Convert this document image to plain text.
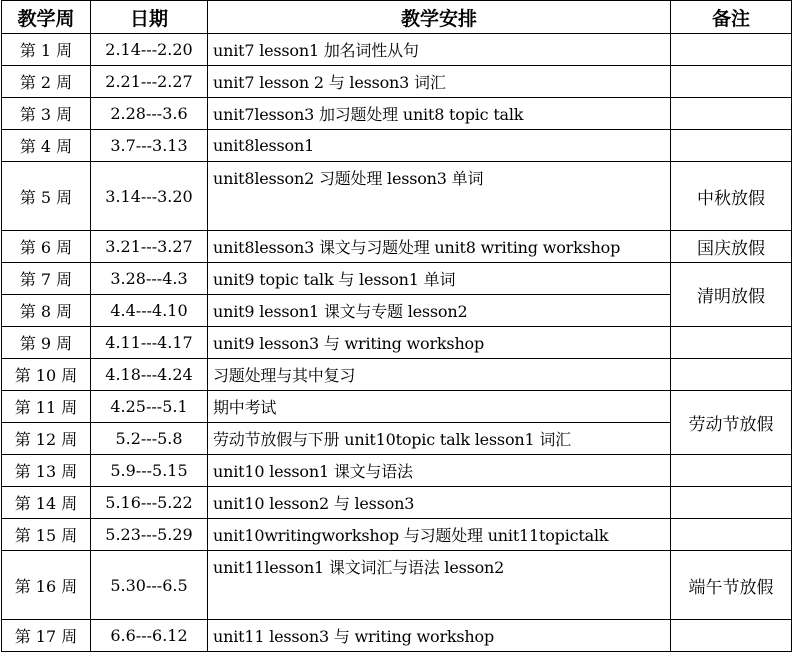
教学周	日期	教学安排	备注
第 1 周	2.14---2.20	unit7 lesson1 加名词性从句	
第 2 周	2.21---2.27	unit7 lesson 2 与 lesson3 词汇	
第 3 周	2.28---3.6	unit7lesson3 加习题处理 unit8 topic talk	
第 4 周	3.7---3.13	unit8lesson1	
第 5 周	3.14---3.20	unit8lesson2 习题处理 lesson3 单词	中秋放假
第 6 周	3.21---3.27	unit8lesson3 课文与习题处理 unit8 writing workshop	国庆放假
第 7 周	3.28---4.3	unit9 topic talk 与 lesson1 单词	清明放假
第 8 周	4.4---4.10	unit9 lesson1 课文与专题 lesson2	
第 9 周	4.11---4.17	unit9 lesson3 与 writing workshop	
第 10 周	4.18---4.24	习题处理与其中复习	
第 11 周	4.25---5.1	期中考试	劳动节放假
第 12 周	5.2---5.8	劳动节放假与下册 unit10topic talk lesson1 词汇	
第 13 周	5.9---5.15	unit10 lesson1 课文与语法	
第 14 周	5.16---5.22	unit10 lesson2 与 lesson3	
第 15 周	5.23---5.29	unit10writingworkshop 与习题处理 unit11topictalk	
第 16 周	5.30---6.5	unit11lesson1 课文词汇与语法 lesson2	端午节放假
第 17 周	6.6---6.12	unit11 lesson3 与 writing workshop	
